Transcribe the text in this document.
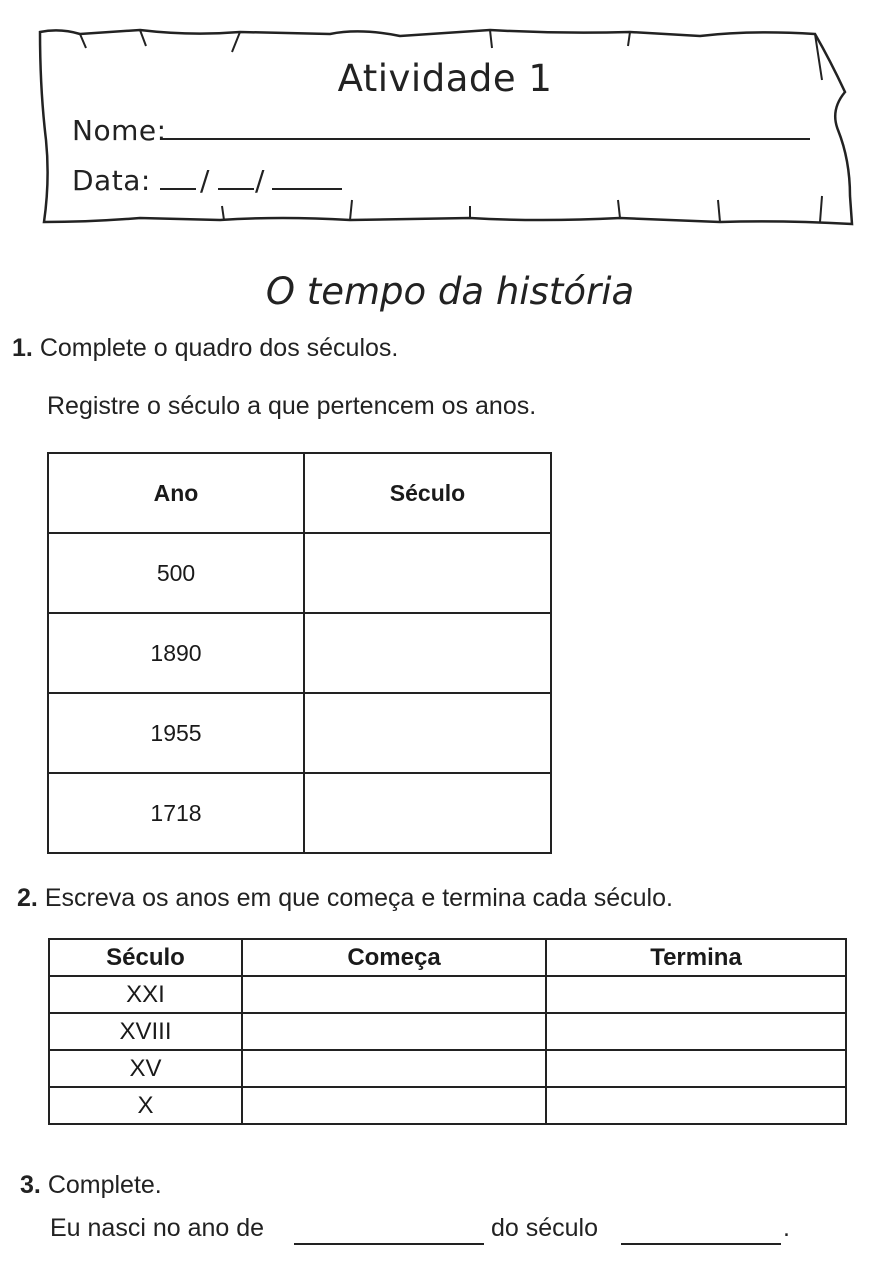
Atividade 1
Nome:
Data: / /
O tempo da história
1. Complete o quadro dos séculos.
Registre o século a que pertencem os anos.
Ano	Século
500	
1890	
1955	
1718	
2. Escreva os anos em que começa e termina cada século.
Século	Começa	Termina
XXI		
XVIII		
XV		
X		
3. Complete.
Eu nasci no ano de	do século	.
